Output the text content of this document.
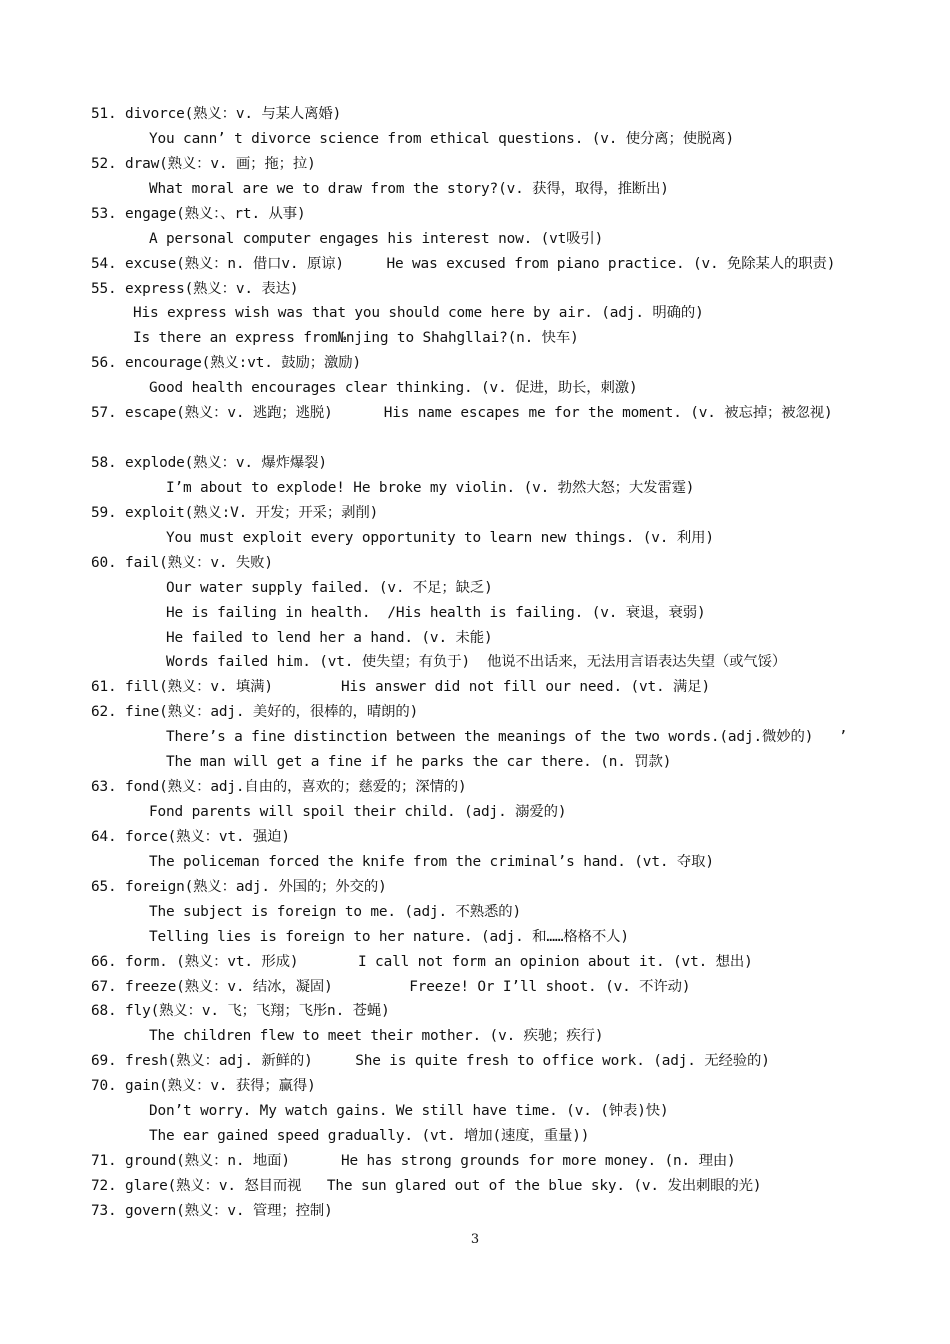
51. divorce(熟义：v. 与某人离婚)
You cann’ t divorce science from ethical questions. (v. 使分离；使脱离)
52. draw(熟义：v. 画；拖；拉)
What moral are we to draw from the story?(v. 获得，取得，推断出)
53. engage(熟义：、rt. 从事)
A personal computer engages his interest now. (vt吸引)
54. excuse(熟义：n. 借口v. 原谅)     He was excused from piano practice. (v. 免除某人的职责)
55. express(熟义：v. 表达)
His express wish was that you should come here by air. (adj. 明确的)
Is there an express from№njing to Shahgllai?(n. 快车)
56. encourage(熟义:vt. 鼓励；激励)
Good health encourages clear thinking. (v. 促进，助长，刺激)
57. escape(熟义：v. 逃跑；逃脱)      His name escapes me for the moment. (v. 被忘掉；被忽视)
58. explode(熟义：v. 爆炸爆裂)
I’m about to explode! He broke my violin. (v. 勃然大怒；大发雷霆)
59. exploit(熟义:V. 开发；开采；剥削)
You must exploit every opportunity to learn new things. (v. 利用)
60. fail(熟义：v. 失败)
Our water supply failed. (v. 不足；缺乏)
He is failing in health.  /His health is failing. (v. 衰退，衰弱)
He failed to lend her a hand. (v. 未能)
Words failed him. (vt. 使失望；有负于)  他说不出话来，无法用言语表达失望（或气馁）
61. fill(熟义：v. 填满)        His answer did not fill our need. (vt. 满足)
62. fine(熟义：adj. 美好的，很棒的，晴朗的)
There’s a fine distinction between the meanings of the two words.(adj.微妙的)   ’
The man will get a fine if he parks the car there. (n. 罚款)
63. fond(熟义：adj.自由的，喜欢的；慈爱的；深情的)
Fond parents will spoil their child. (adj. 溺爱的)
64. force(熟义：vt. 强迫)
The policeman forced the knife from the criminal’s hand. (vt. 夺取)
65. foreign(熟义：adj. 外国的；外交的)
The subject is foreign to me. (adj. 不熟悉的)
Telling lies is foreign to her nature. (adj. 和……格格不人)
66. form. (熟义：vt. 形成)       I call not form an opinion about it. (vt. 想出)
67. freeze(熟义：v. 结冰，凝固)         Freeze! Or I’ll shoot. (v. 不许动)
68. fly(熟义：v. 飞；飞翔；飞彤n. 苍蝇)
The children flew to meet their mother. (v. 疾驰；疾行)
69. fresh(熟义：adj. 新鲜的)     She is quite fresh to office work. (adj. 无经验的)
70. gain(熟义：v. 获得；赢得)
Don’t worry. My watch gains. We still have time. (v. (钟表)快)
The ear gained speed gradually. (vt. 增加(速度，重量))
71. ground(熟义：n. 地面)      He has strong grounds for more money. (n. 理由)
72. glare(熟义：v. 怒目而视   The sun glared out of the blue sky. (v. 发出刺眼的光)
73. govern(熟义：v. 管理；控制)
3
